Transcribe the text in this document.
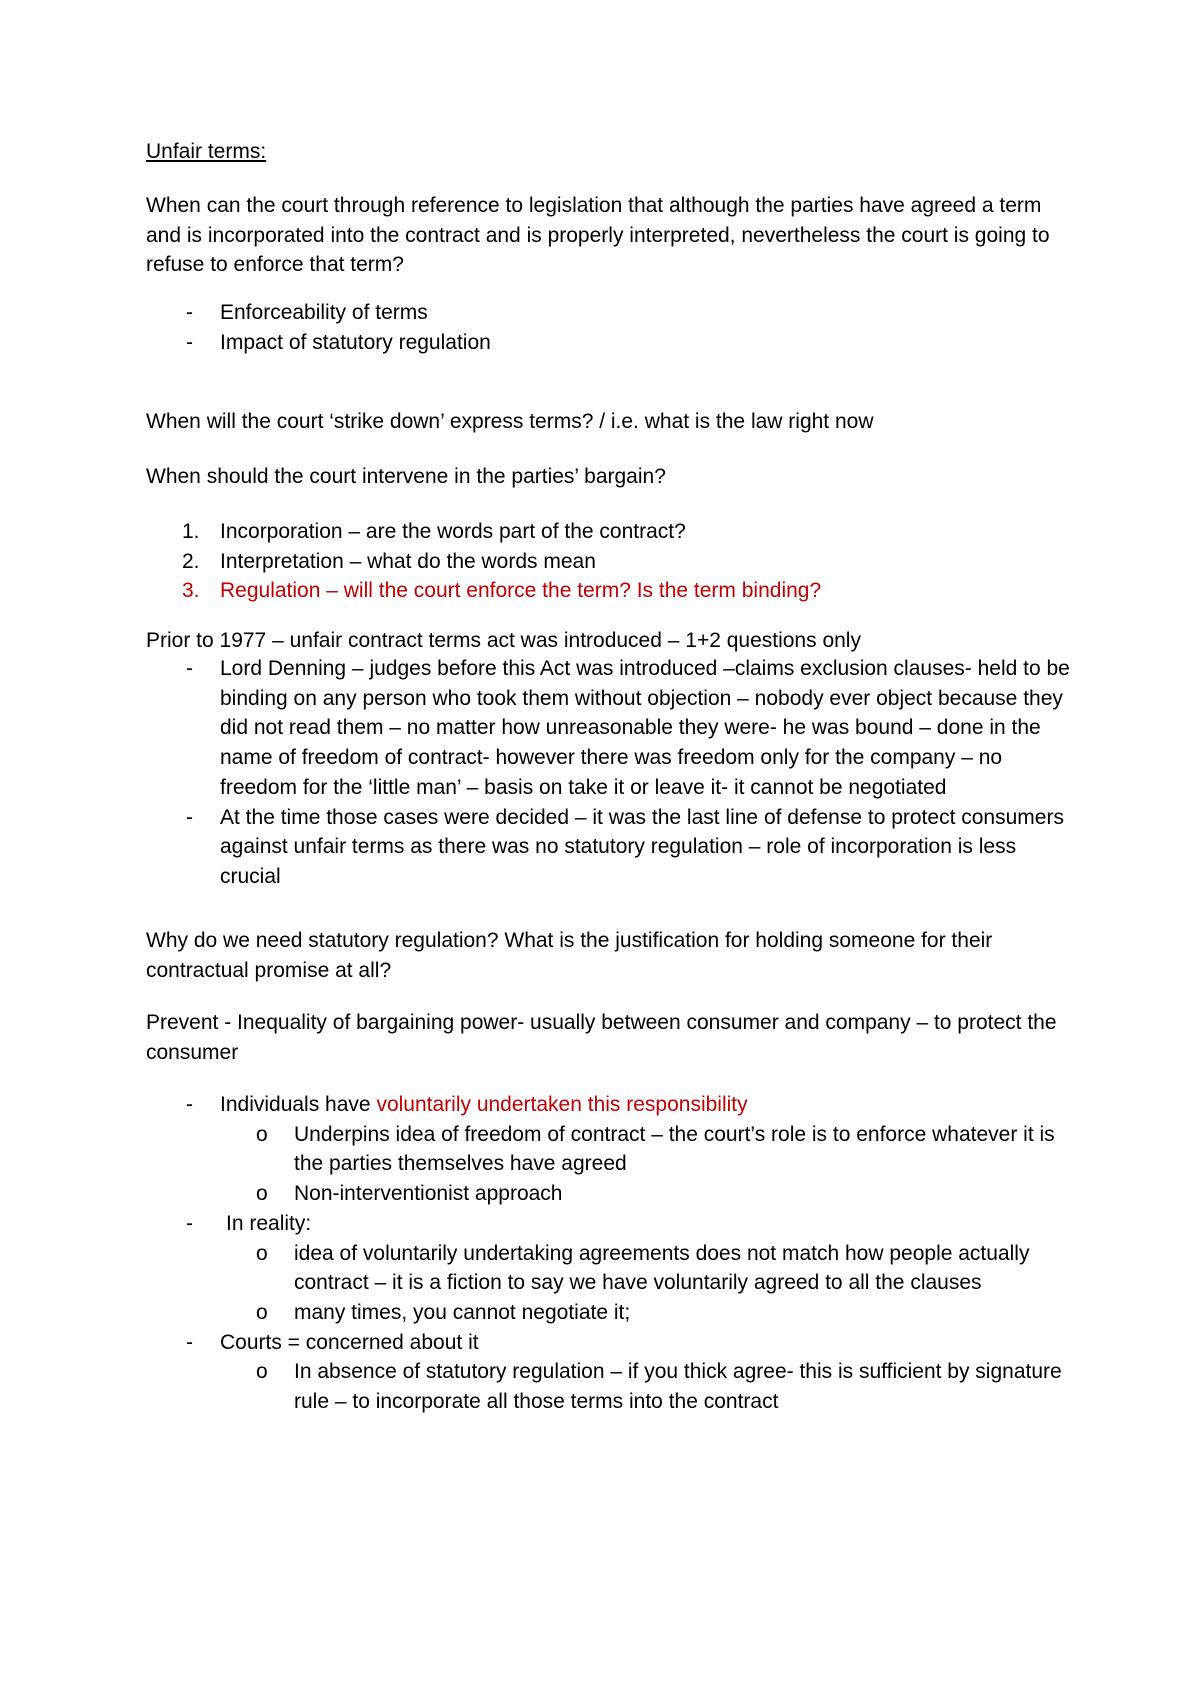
Unfair terms:

When can the court through reference to legislation that although the parties have agreed a term and is incorporated into the contract and is properly interpreted, nevertheless the court is going to refuse to enforce that term?

- Enforceability of terms
- Impact of statutory regulation

When will the court ‘strike down’ express terms? / i.e. what is the law right now

When should the court intervene in the parties’ bargain?

1. Incorporation – are the words part of the contract?
2. Interpretation – what do the words mean
3. Regulation – will the court enforce the term? Is the term binding?

Prior to 1977 – unfair contract terms act was introduced – 1+2 questions only

- Lord Denning – judges before this Act was introduced –claims exclusion clauses- held to be binding on any person who took them without objection – nobody ever object because they did not read them – no matter how unreasonable they were- he was bound – done in the name of freedom of contract- however there was freedom only for the company – no freedom for the ‘little man’ – basis on take it or leave it- it cannot be negotiated
- At the time those cases were decided – it was the last line of defense to protect consumers against unfair terms as there was no statutory regulation – role of incorporation is less crucial

Why do we need statutory regulation? What is the justification for holding someone for their contractual promise at all?

Prevent - Inequality of bargaining power- usually between consumer and company – to protect the consumer

- Individuals have voluntarily undertaken this responsibility
o Underpins idea of freedom of contract – the court’s role is to enforce whatever it is the parties themselves have agreed
o Non-interventionist approach
- In reality:
o idea of voluntarily undertaking agreements does not match how people actually contract – it is a fiction to say we have voluntarily agreed to all the clauses
o many times, you cannot negotiate it;
- Courts = concerned about it
o In absence of statutory regulation – if you thick agree- this is sufficient by signature rule – to incorporate all those terms into the contract
